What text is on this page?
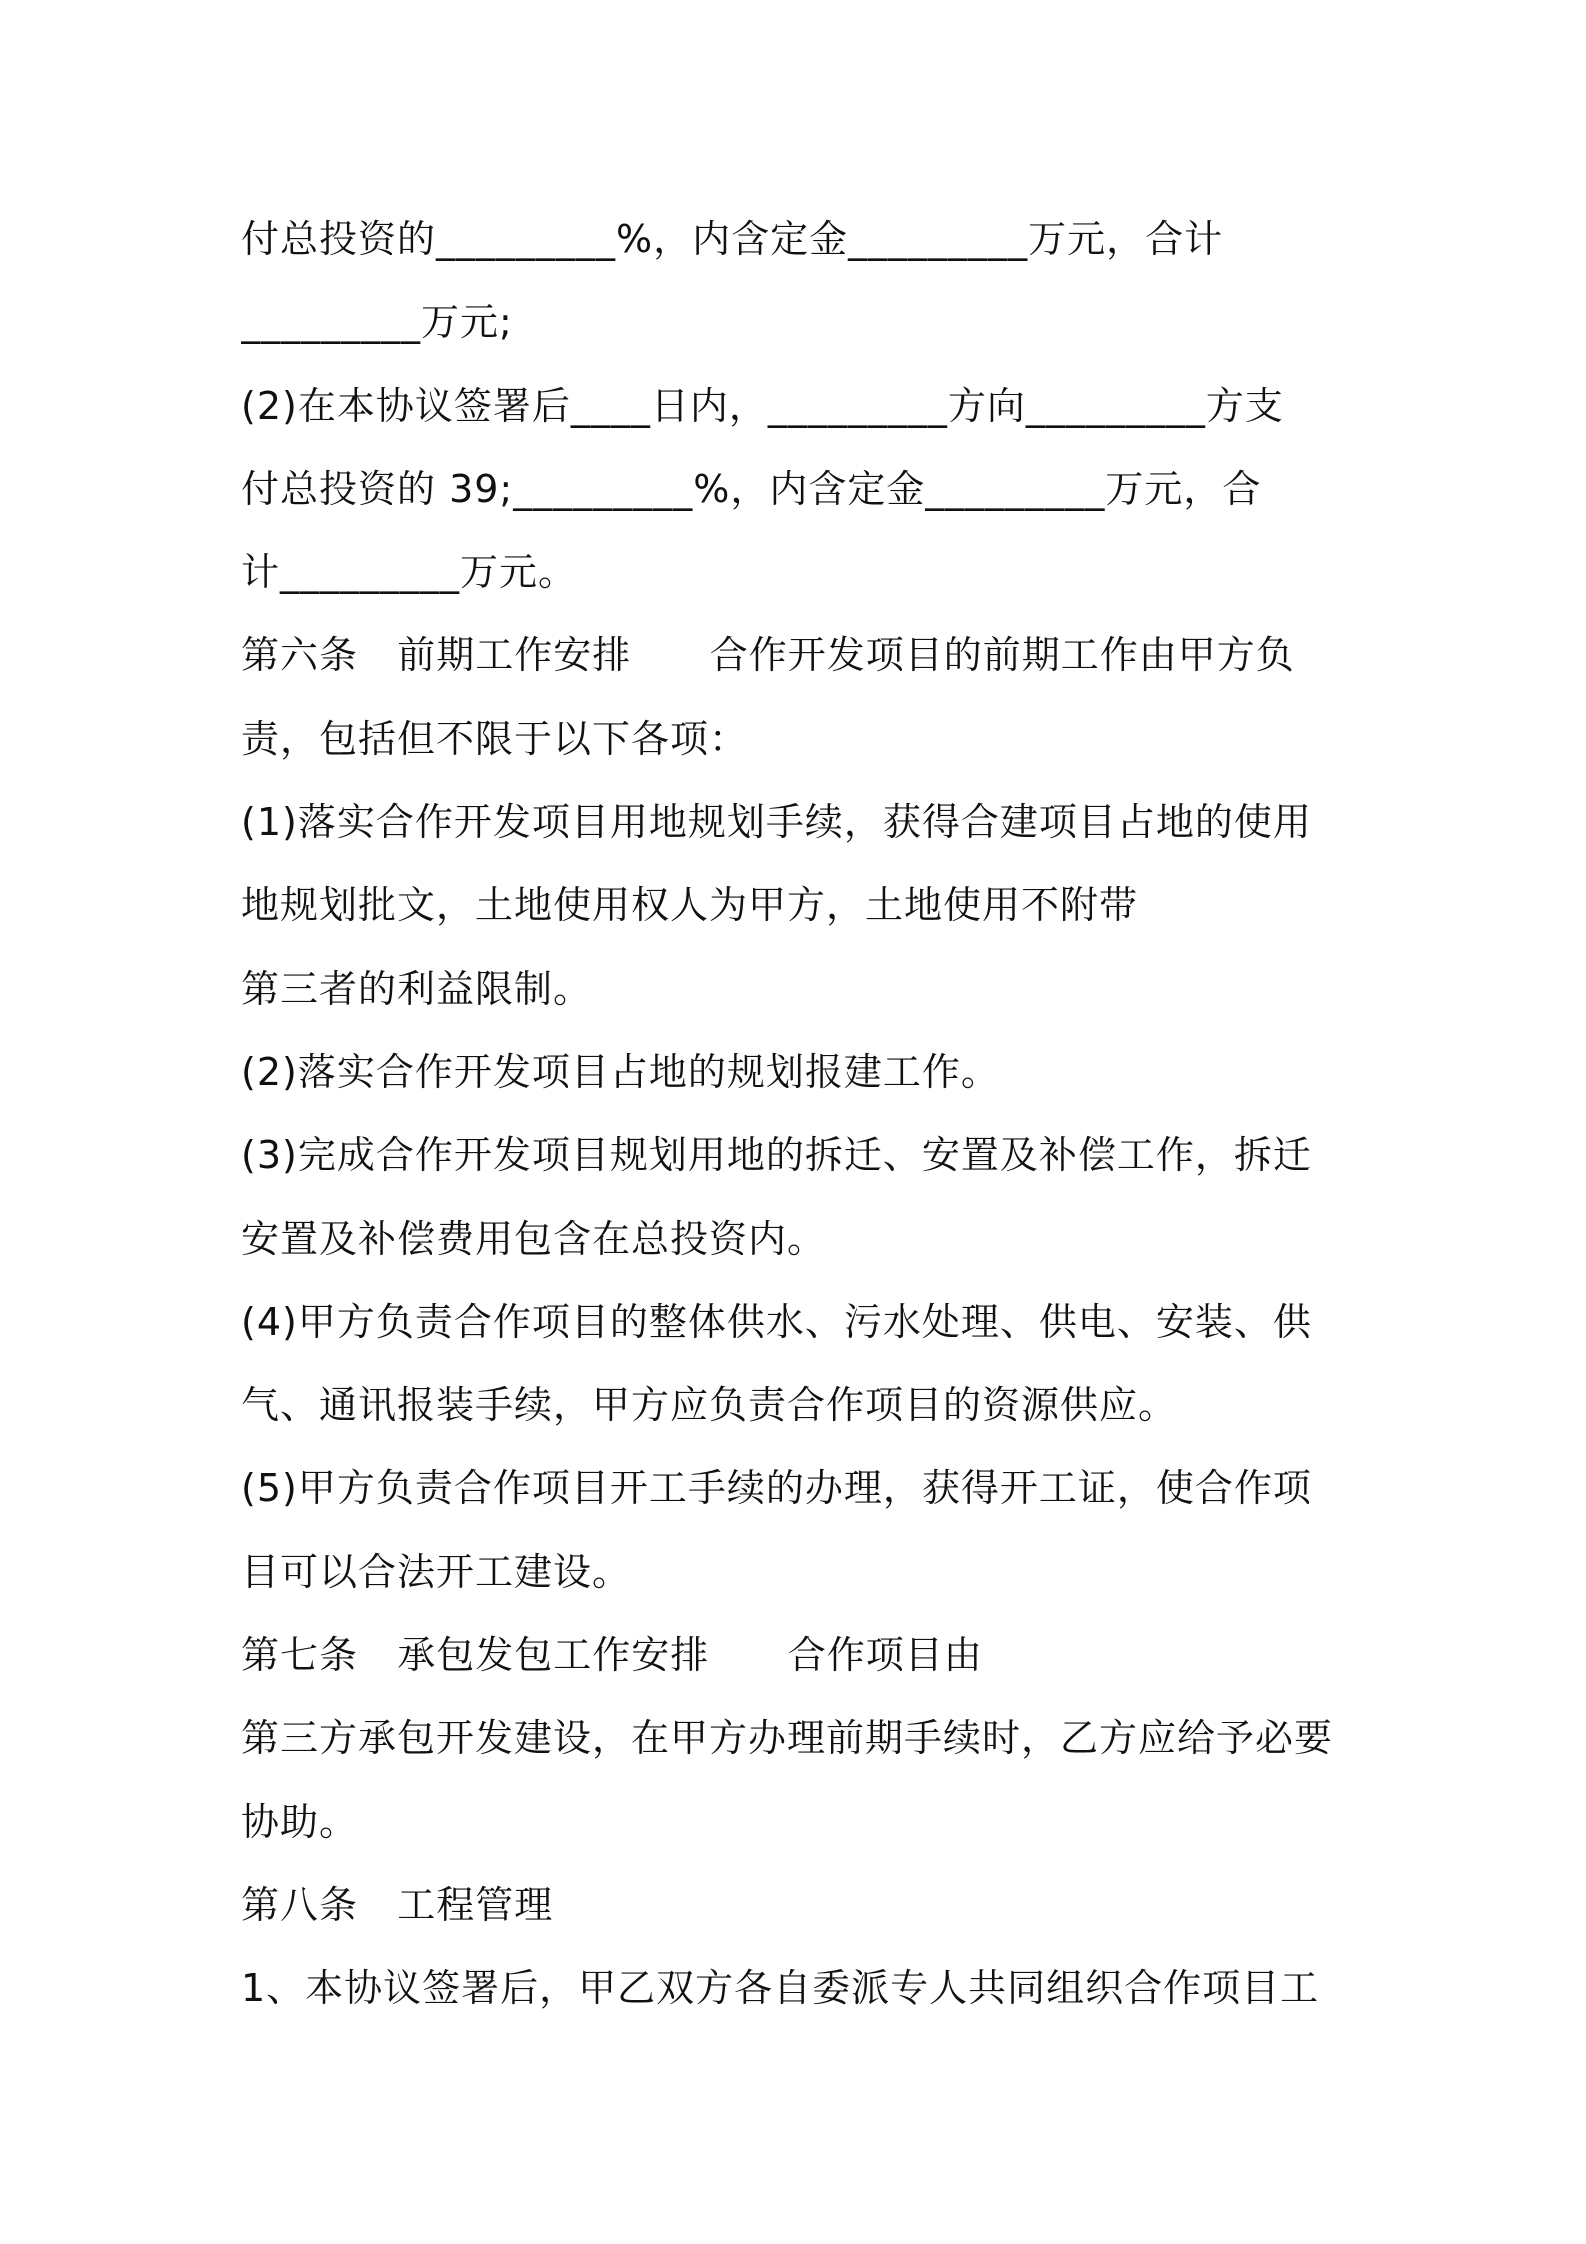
付总投资的_________%，内含定金_________万元，合计
_________万元;
(2)在本协议签署后____日内，_________方向_________方支
付总投资的 39;_________%，内含定金_________万元，合
计_________万元。
第六条   前期工作安排      合作开发项目的前期工作由甲方负
责，包括但不限于以下各项：
(1)落实合作开发项目用地规划手续，获得合建项目占地的使用
地规划批文，土地使用权人为甲方，土地使用不附带
第三者的利益限制。
(2)落实合作开发项目占地的规划报建工作。
(3)完成合作开发项目规划用地的拆迁、安置及补偿工作，拆迁
安置及补偿费用包含在总投资内。
(4)甲方负责合作项目的整体供水、污水处理、供电、安装、供
气、通讯报装手续，甲方应负责合作项目的资源供应。
(5)甲方负责合作项目开工手续的办理，获得开工证，使合作项
目可以合法开工建设。
第七条   承包发包工作安排      合作项目由
第三方承包开发建设，在甲方办理前期手续时，乙方应给予必要
协助。
第八条   工程管理
1、本协议签署后，甲乙双方各自委派专人共同组织合作项目工
